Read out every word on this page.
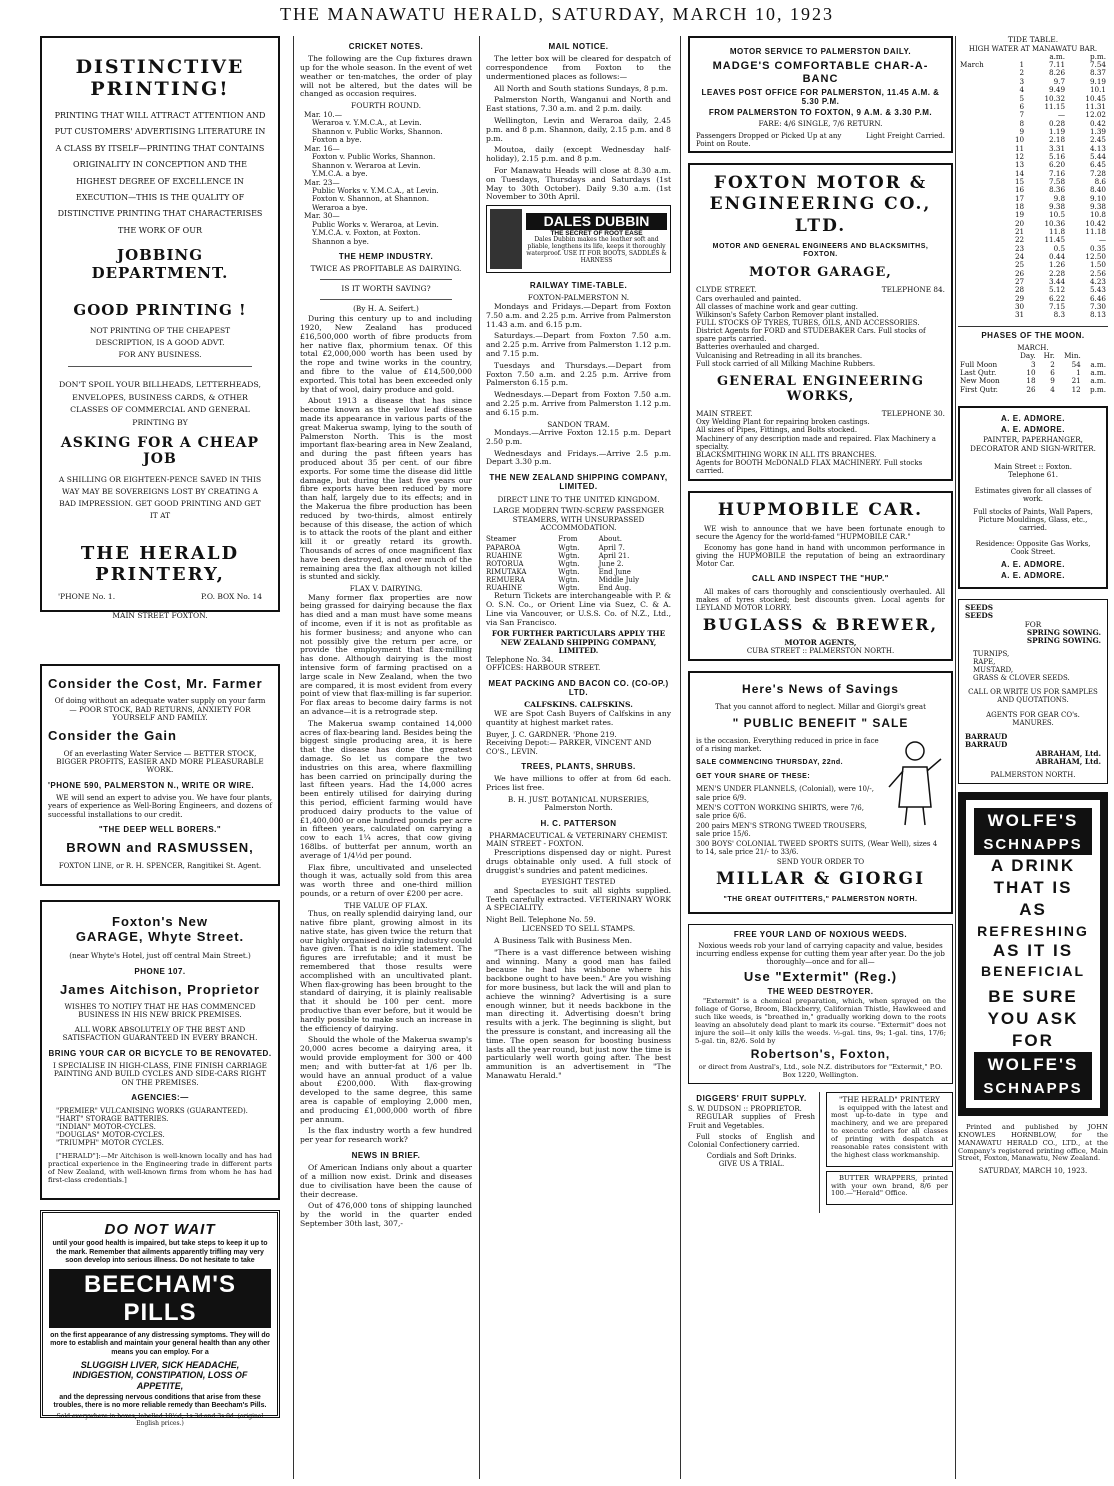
THE MANAWATU HERALD, SATURDAY, MARCH 10, 1923
DISTINCTIVE PRINTING!
PRINTING THAT WILL ATTRACT ATTENTION AND PUT CUSTOMERS' ADVERTISING LITERATURE IN A CLASS BY ITSELF—PRINTING THAT CONTAINS ORIGINALITY IN CONCEPTION AND THE HIGHEST DEGREE OF EXCELLENCE IN EXECUTION—THIS IS THE QUALITY OF DISTINCTIVE PRINTING THAT CHARACTERISES THE WORK OF OUR
JOBBING DEPARTMENT.
GOOD PRINTING !
NOT PRINTING OF THE CHEAPEST DESCRIPTION, IS A GOOD ADVT. FOR ANY BUSINESS.
DON'T SPOIL YOUR BILLHEADS, LETTERHEADS, ENVELOPES, BUSINESS CARDS, & OTHER CLASSES OF COMMERCIAL AND GENERAL PRINTING BY
ASKING FOR A CHEAP JOB
A SHILLING OR EIGHTEEN-PENCE SAVED IN THIS WAY MAY BE SOVEREIGNS LOST BY CREATING A BAD IMPRESSION. GET GOOD PRINTING AND GET IT AT
THE HERALD PRINTERY,
'PHONE No. 1.	P.O. BOX No. 14
MAIN STREET FOXTON.
Consider the Cost, Mr. Farmer
Of doing without an adequate water supply on your farm — POOR STOCK, BAD RETURNS, ANXIETY FOR YOURSELF AND FAMILY.
Consider the Gain
Of an everlasting Water Service — BETTER STOCK, BIGGER PROFITS, EASIER AND MORE PLEASURABLE WORK.
'PHONE 590, PALMERSTON N., WRITE OR WIRE.
WE will send an expert to advise you. We have four plants, years of experience as Well-Boring Engineers, and dozens of successful installations to our credit.
"THE DEEP WELL BORERS."
BROWN and RASMUSSEN,
FOXTON LINE, or R. H. SPENCER, Rangitikei St. Agent.
Foxton's New
GARAGE, Whyte Street.
(near Whyte's Hotel, just off central Main Street.)
PHONE 107.
James Aitchison, Proprietor
WISHES TO NOTIFY THAT HE HAS COMMENCED BUSINESS IN HIS NEW BRICK PREMISES.
ALL WORK ABSOLUTELY OF THE BEST AND SATISFACTION GUARANTEED IN EVERY BRANCH.
BRING YOUR CAR OR BICYCLE TO BE RENOVATED.
I SPECIALISE IN HIGH-CLASS, FINE FINISH CARRIAGE PAINTING AND BUILD CYCLES AND SIDE-CARS RIGHT ON THE PREMISES.
AGENCIES:—
"PREMIER" VULCANISING WORKS (GUARANTEED).
"HART" STORAGE BATTERIES.
"INDIAN" MOTOR-CYCLES.
"DOUGLAS" MOTOR-CYCLES.
"TRIUMPH" MOTOR CYCLES.
["HERALD"]:—Mr Aitchison is well-known locally and has had practical experience in the Engineering trade in different parts of New Zealand, with well-known firms from whom he has had first-class credentials.]
DO NOT WAIT
until your good health is impaired, but take steps to keep it up to the mark. Remember that ailments apparently trifling may very soon develop into serious illness. Do not hesitate to take
BEECHAM'S PILLS
on the first appearance of any distressing symptoms. They will do more to establish and maintain your general health than any other means you can employ. For a
SLUGGISH LIVER, SICK HEADACHE, INDIGESTION, CONSTIPATION, LOSS OF APPETITE,
and the depressing nervous conditions that arise from these troubles, there is no more reliable remedy than Beecham's Pills.
Sold everywhere in boxes, labelled 10½d, 1s 3d and 3s 0d. (original English prices.)
CRICKET NOTES.
The following are the Cup fixtures drawn up for the whole season. In the event of wet weather or ten-matches, the order of play will not be altered, but the dates will be changed as occasion requires.
FOURTH ROUND.
Mar. 10.—
Weraroa v. Y.M.C.A., at Levin.
Shannon v. Public Works, Shannon.
Foxton a bye.
Mar. 16—
Foxton v. Public Works, Shannon.
Shannon v. Weraroa at Levin.
Y.M.C.A. a bye.
Mar. 23—
Public Works v. Y.M.C.A., at Levin.
Foxton v. Shannon, at Shannon.
Weraroa a bye.
Mar. 30—
Public Works v. Weraroa, at Levin.
Y.M.C.A. v. Foxton, at Foxton.
Shannon a bye.
THE HEMP INDUSTRY.
TWICE AS PROFITABLE AS DAIRYING.
IS IT WORTH SAVING?
(By H. A. Seifert.)
During this century up to and including 1920, New Zealand has produced £16,500,000 worth of fibre products from her native flax, phormium tenax. Of this total £2,000,000 worth has been used by the rope and twine works in the country, and fibre to the value of £14,500,000 exported. This total has been exceeded only by that of wool, dairy produce and gold.
About 1913 a disease that has since become known as the yellow leaf disease made its appearance in various parts of the great Makerua swamp, lying to the south of Palmerston North. This is the most important flax-bearing area in New Zealand, and during the past fifteen years has produced about 35 per cent. of our fibre exports. For some time the disease did little damage, but during the last five years our fibre exports have been reduced by more than half, largely due to its effects; and in the Makerua the fibre production has been reduced by two-thirds, almost entirely because of this disease, the action of which is to attack the roots of the plant and either kill it or greatly retard its growth. Thousands of acres of once magnificent flax have been destroyed, and over much of the remaining area the flax although not killed is stunted and sickly.
FLAX V. DAIRYING.
Many former flax properties are now being grassed for dairying because the flax has died and a man must have some means of income, even if it is not as profitable as his former business; and anyone who can not possibly give the return per acre, or provide the employment that flax-milling has done. Although dairying is the most intensive form of farming practised on a large scale in New Zealand, when the two are compared, it is most evident from every point of view that flax-milling is far superior. For flax areas to become dairy farms is not an advance—it is a retrograde step.
The Makerua swamp contained 14,000 acres of flax-bearing land. Besides being the biggest single producing area, it is here that the disease has done the greatest damage. So let us compare the two industries on this area, where flaxmilling has been carried on principally during the last fifteen years. Had the 14,000 acres been entirely utilised for dairying during this period, efficient farming would have produced dairy products to the value of £1,400,000 or one hundred pounds per acre in fifteen years, calculated on carrying a cow to each 1¼ acres, that cow giving 168lbs. of butterfat per annum, worth an average of 1/4½d per pound.
Flax fibre, uncultivated and unselected though it was, actually sold from this area was worth three and one-third million pounds, or a return of over £200 per acre.
THE VALUE OF FLAX.
Thus, on really splendid dairying land, our native fibre plant, growing almost in its native state, has given twice the return that our highly organised dairying industry could have given. That is no idle statement. The figures are irrefutable; and it must be remembered that those results were accomplished with an uncultivated plant. When flax-growing has been brought to the standard of dairying, it is plainly realisable that it should be 100 per cent. more productive than ever before, but it would be hardly possible to make such an increase in the efficiency of dairying.
Should the whole of the Makerua swamp's 20,000 acres become a dairying area, it would provide employment for 300 or 400 men; and with butter-fat at 1/6 per lb. would have an annual product of a value about £200,000. With flax-growing developed to the same degree, this same area is capable of employing 2,000 men, and producing £1,000,000 worth of fibre per annum.
Is the flax industry worth a few hundred per year for research work?
NEWS IN BRIEF.
Of American Indians only about a quarter of a million now exist. Drink and diseases due to civilisation have been the cause of their decrease.
Out of 476,000 tons of shipping launched by the world in the quarter ended September 30th last, 307,-
MAIL NOTICE.
The letter box will be cleared for despatch of correspondence from Foxton to the undermentioned places as follows:—
All North and South stations Sundays, 8 p.m.
Palmerston North, Wanganui and North and East stations, 7.30 a.m. and 2 p.m. daily.
Wellington, Levin and Weraroa daily, 2.45 p.m. and 8 p.m. Shannon, daily, 2.15 p.m. and 8 p.m.
Moutoa, daily (except Wednesday half-holiday), 2.15 p.m. and 8 p.m.
For Manawatu Heads will close at 8.30 a.m. on Tuesdays, Thursdays and Saturdays (1st May to 30th October). Daily 9.30 a.m. (1st November to 30th April.
DALES DUBBIN
THE SECRET OF ROOT EASE
Dales Dubbin makes the leather soft and pliable, lengthens its life, keeps it thoroughly waterproof. USE IT FOR BOOTS, SADDLES & HARNESS
RAILWAY TIME-TABLE.
FOXTON-PALMERSTON N.
Mondays and Fridays.—Depart from Foxton 7.50 a.m. and 2.25 p.m. Arrive from Palmerston 11.43 a.m. and 6.15 p.m.
Saturdays.—Depart from Foxton 7.50 a.m. and 2.25 p.m. Arrive from Palmerston 1.12 p.m. and 7.15 p.m.
Tuesdays and Thursdays.—Depart from Foxton 7.50 a.m. and 2.25 p.m. Arrive from Palmerston 6.15 p.m.
Wednesdays.—Depart from Foxton 7.50 a.m. and 2.25 p.m. Arrive from Palmerston 1.12 p.m. and 6.15 p.m.
SANDON TRAM.
Mondays.—Arrive Foxton 12.15 p.m. Depart 2.50 p.m.
Wednesdays and Fridays.—Arrive 2.5 p.m. Depart 3.30 p.m.
THE NEW ZEALAND SHIPPING COMPANY, LIMITED.
DIRECT LINE TO THE UNITED KINGDOM.
LARGE MODERN TWIN-SCREW PASSENGER STEAMERS, WITH UNSURPASSED ACCOMMODATION.
Steamer	From	About.
PAPAROA	Wgtn.	April 7.
RUAHINE	Wgtn.	April 21.
ROTORUA	Wgtn.	June 2.
RIMUTAKA	Wgtn.	End June
REMUERA	Wgtn.	Middle July
RUAHINE	Wgtn.	End Aug.
Return Tickets are interchangeable with P. & O. S.N. Co., or Orient Line via Suez, C. & A. Line via Vancouver, or U.S.S. Co. of N.Z., Ltd., via San Francisco.
FOR FURTHER PARTICULARS APPLY THE NEW ZEALAND SHIPPING COMPANY, LIMITED.
Telephone No. 34.
OFFICES: HARBOUR STREET.
MEAT PACKING AND BACON CO. (CO-OP.) LTD.
CALFSKINS. CALFSKINS.
WE are Spot Cash Buyers of Calfskins in any quantity at highest market rates.
Buyer, J. C. GARDNER. 'Phone 219.
Receiving Depot:— PARKER, VINCENT AND CO'S., LEVIN.
TREES, PLANTS, SHRUBS.
We have millions to offer at from 6d each. Prices list free.
B. H. JUST. BOTANICAL NURSERIES, Palmerston North.
H. C. PATTERSON
PHARMACEUTICAL & VETERINARY CHEMIST.
MAIN STREET - FOXTON.
Prescriptions dispensed day or night. Purest drugs obtainable only used. A full stock of druggist's sundries and patent medicines.
EYESIGHT TESTED
and Spectacles to suit all sights supplied. Teeth carefully extracted. VETERINARY WORK A SPECIALITY.
Night Bell. Telephone No. 59.
LICENSED TO SELL STAMPS.
A Business Talk with Business Men.
"There is a vast difference between wishing and winning. Many a good man has failed because he had his wishbone where his backbone ought to have been." Are you wishing for more business, but lack the will and plan to achieve the winning? Advertising is a sure enough winner, but it needs backbone in the man directing it. Advertising doesn't bring results with a jerk. The beginning is slight, but the pressure is constant, and increasing all the time. The open season for boosting business lasts all the year round, but just now the time is particularly well worth going after. The best ammunition is an advertisement in "The Manawatu Herald."
MOTOR SERVICE TO PALMERSTON DAILY.
MADGE'S COMFORTABLE CHAR-A-BANC
LEAVES POST OFFICE FOR PALMERSTON, 11.45 A.M. & 5.30 P.M.
FROM PALMERSTON TO FOXTON, 9 A.M. & 3.30 P.M.
FARE: 4/6 SINGLE, 7/6 RETURN.
Passengers Dropped or Picked Up at any Point on Route.
Light Freight Carried.
FOXTON MOTOR & ENGINEERING CO., LTD.
MOTOR AND GENERAL ENGINEERS AND BLACKSMITHS, FOXTON.
MOTOR GARAGE,
CLYDE STREET.	TELEPHONE 84.
Cars overhauled and painted.
All classes of machine work and gear cutting.
Wilkinson's Safety Carbon Remover plant installed.
FULL STOCKS OF TYRES, TUBES, OILS, AND ACCESSORIES.
District Agents for FORD and STUDEBAKER Cars. Full stocks of spare parts carried.
Batteries overhauled and charged.
Vulcanising and Retreading in all its branches.
Full stock carried of all Milking Machine Rubbers.
GENERAL ENGINEERING WORKS,
MAIN STREET.	TELEPHONE 30.
Oxy Welding Plant for repairing broken castings.
All sizes of Pipes, Fittings, and Bolts stocked.
Machinery of any description made and repaired. Flax Machinery a specialty.
BLACKSMITHING WORK IN ALL ITS BRANCHES.
Agents for BOOTH McDONALD FLAX MACHINERY. Full stocks carried.
HUPMOBILE CAR.
WE wish to announce that we have been fortunate enough to secure the Agency for the world-famed "HUPMOBILE CAR."
Economy has gone hand in hand with uncommon performance in giving the HUPMOBILE the reputation of being an extraordinary Motor Car.
CALL AND INSPECT THE "HUP."
All makes of cars thoroughly and conscientiously overhauled. All makes of tyres stocked; best discounts given. Local agents for LEYLAND MOTOR LORRY.
BUGLASS & BREWER,
MOTOR AGENTS,
CUBA STREET :: PALMERSTON NORTH.
Here's News of Savings
That you cannot afford to neglect. Millar and Giorgi's great
" PUBLIC BENEFIT " SALE
is the occasion. Everything reduced in price in face of a rising market.
SALE COMMENCING THURSDAY, 22nd.
GET YOUR SHARE OF THESE:
MEN'S UNDER FLANNELS, (Colonial), were 10/-, sale price 6/9.
MEN'S COTTON WORKING SHIRTS, were 7/6, sale price 6/6.
200 pairs MEN'S STRONG TWEED TROUSERS, sale price 15/6.
300 BOYS' COLONIAL TWEED SPORTS SUITS, (Wear Well), sizes 4 to 14, sale price 21/- to 33/6.
SEND YOUR ORDER TO
MILLAR & GIORGI
"THE GREAT OUTFITTERS," PALMERSTON NORTH.
FREE YOUR LAND OF NOXIOUS WEEDS.
Noxious weeds rob your land of carrying capacity and value, besides incurring endless expense for cutting them year after year. Do the job thoroughly—once and for all—
Use "Extermit" (Reg.)
THE WEED DESTROYER.
"Extermit" is a chemical preparation, which, when sprayed on the foliage of Gorse, Broom, Blackberry, Californian Thistle, Hawkweed and such like weeds, is "breathed in," gradually working down to the roots leaving an absolutely dead plant to mark its course. "Extermit" does not injure the soil—it only kills the weeds. ½-gal. tins, 9s; 1-gal. tins, 17/6; 5-gal. tin, 82/6. Sold by
Robertson's, Foxton,
or direct from Austral's, Ltd., sole N.Z. distributors for "Extermit," P.O. Box 1220, Wellington.
DIGGERS' FRUIT SUPPLY.
S. W. DUDSON :: PROPRIETOR.
REGULAR supplies of Fresh Fruit and Vegetables.
Full stocks of English and Colonial Confectionery carried.
Cordials and Soft Drinks.
GIVE US A TRIAL.
"THE HERALD" PRINTERY
is equipped with the latest and most up-to-date in type and machinery, and we are prepared to execute orders for all classes of printing with despatch at reasonable rates consistent with the highest class workmanship.
BUTTER WRAPPERS, printed with your own brand, 8/6 per 100.—"Herald" Office.
TIDE TABLE.
HIGH WATER AT MANAWATU BAR.
		a.m.	p.m.
March	1	7.11	7.54
	2	8.26	8.37
	3	9.7	9.19
	4	9.49	10.1
	5	10.32	10.45
	6	11.15	11.31
	7	—	12.02
	8	0.28	0.42
	9	1.19	1.39
	10	2.18	2.45
	11	3.31	4.13
	12	5.16	5.44
	13	6.20	6.45
	14	7.16	7.28
	15	7.58	8.6
	16	8.36	8.40
	17	9.8	9.10
	18	9.38	9.38
	19	10.5	10.8
	20	10.36	10.42
	21	11.8	11.18
	22	11.45	—
	23	0.5	0.35
	24	0.44	12.50
	25	1.26	1.50
	26	2.28	2.56
	27	3.44	4.23
	28	5.12	5.43
	29	6.22	6.46
	30	7.15	7.30
	31	8.3	8.13
PHASES OF THE MOON.
MARCH.
	Day.	Hr.	Min.	
Full Moon	3	2	54	a.m.
Last Qutr.	10	6	1	a.m.
New Moon	18	9	21	a.m.
First Qutr.	26	4	12	p.m.
A. E. ADMORE.
A. E. ADMORE.
PAINTER, PAPERHANGER, DECORATOR AND SIGN-WRITER.
Main Street :: Foxton.
Telephone 61.
Estimates given for all classes of work.
Full stocks of Paints, Wall Papers, Picture Mouldings, Glass, etc., carried.
Residence: Opposite Gas Works, Cook Street.
A. E. ADMORE.
A. E. ADMORE.
SEEDS
SEEDS
FOR
SPRING SOWING.
SPRING SOWING.
TURNIPS,
RAPE,
MUSTARD,
GRASS & CLOVER SEEDS.
CALL OR WRITE US FOR SAMPLES AND QUOTATIONS.
AGENTS FOR GEAR CO's. MANURES.
BARRAUD
BARRAUD
ABRAHAM, Ltd.
ABRAHAM, Ltd.
PALMERSTON NORTH.
WOLFE'S
SCHNAPPS
A DRINK
THAT IS
AS
REFRESHING
AS IT IS
BENEFICIAL
BE SURE
YOU ASK
FOR
WOLFE'S
SCHNAPPS
Printed and published by JOHN KNOWLES HORNBLOW, for the MANAWATU HERALD CO., LTD., at the Company's registered printing office, Main Street, Foxton, Manawatu, New Zealand.
SATURDAY, MARCH 10, 1923.
